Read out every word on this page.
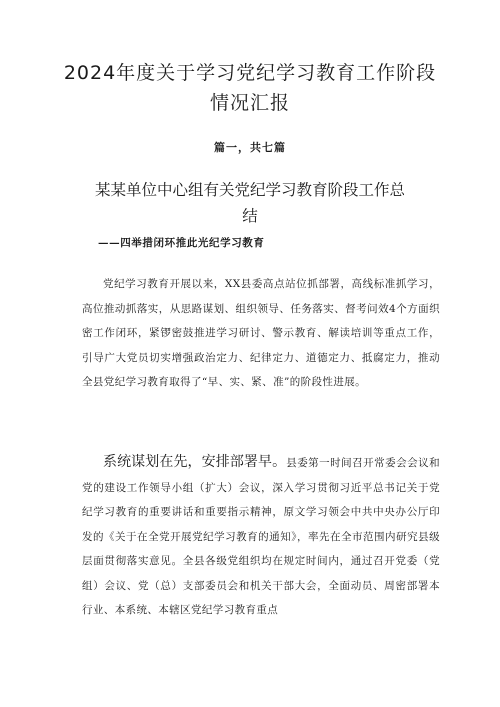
2024年度关于学习党纪学习教育工作阶段
情况汇报
篇一，共七篇
某某单位中心组有关党纪学习教育阶段工作总
结
——四举措闭环推此光纪学习教育

党纪学习教育开展以来，XX县委高点站位抓部署，高线标准抓学习，高位推动抓落实，从思路谋划、组织领导、任务落实、督考问效4个方面织密工作闭环，紧锣密鼓推进学习研讨、警示教育、解读培训等重点工作，引导广大党员切实增强政治定力、纪律定力、道德定力、抵腐定力，推动全县党纪学习教育取得了“早、实、紧、准”的阶段性进展。

系统谋划在先，安排部署早。县委第一时间召开常委会会议和党的建设工作领导小组（扩大）会议，深入学习贯彻习近平总书记关于党纪学习教育的重要讲话和重要指示精神，原文学习领会中共中央办公厅印发的《关于在全党开展党纪学习教育的通知》，率先在全市范围内研究县级层面贯彻落实意见。全县各级党组织均在规定时间内，通过召开党委（党组）会议、党（总）支部委员会和机关干部大会，全面动员、周密部署本行业、本系统、本辖区党纪学习教育重点
